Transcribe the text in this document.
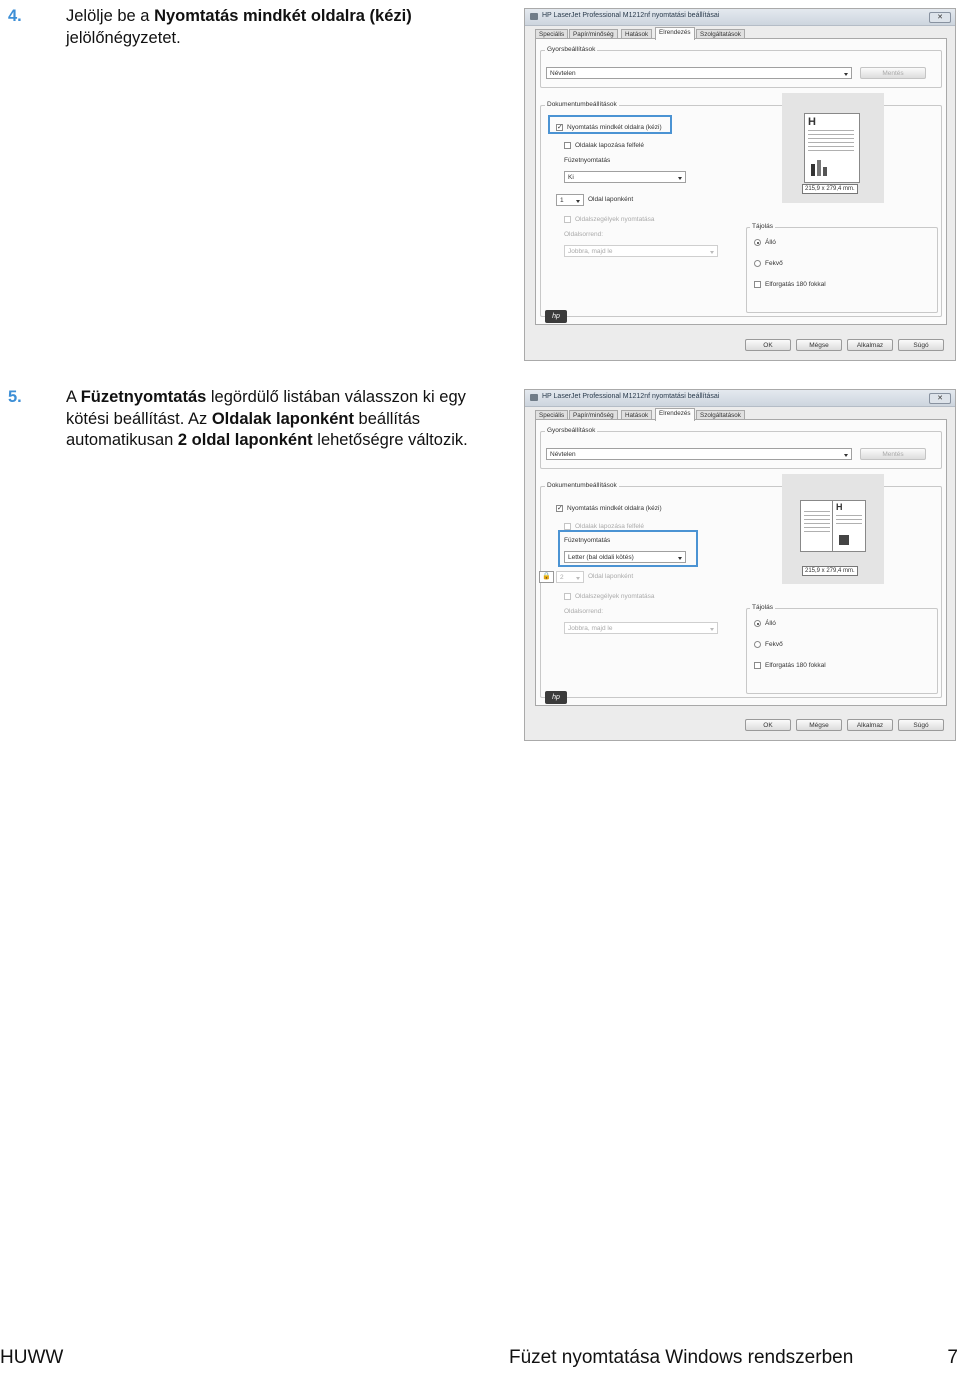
4.	Jelölje be a Nyomtatás mindkét oldalra (kézi) jelölőnégyzetet.
5.	A Füzetnyomtatás legördülő listában válasszon ki egy kötési beállítást. Az Oldalak laponként beállítás automatikusan 2 oldal laponként lehetőségre változik.
HP LaserJet Professional M1212nf nyomtatási beállításai	✕
Speciális	Papír/minőség	Hatások	Elrendezés	Szolgáltatások
Gyorsbeállítások
Névtelen	Mentés
Dokumentumbeállítások
✓ Nyomtatás mindkét oldalra (kézi)
Oldalak lapozása felfelé
Füzetnyomtatás
Ki
1	Oldal laponként
Oldalszegélyek nyomtatása
Oldalsorrend:
Jobbra, majd le
H
215,9 x 279,4 mm.
Tájolás
Álló
Fekvő
Elforgatás 180 fokkal
hp
OK	Mégse	Alkalmaz	Súgó
HP LaserJet Professional M1212nf nyomtatási beállításai	✕
Speciális	Papír/minőség	Hatások	Elrendezés	Szolgáltatások
Gyorsbeállítások
Névtelen	Mentés
Dokumentumbeállítások
✓ Nyomtatás mindkét oldalra (kézi)
Oldalak lapozása felfelé
Füzetnyomtatás
Letter (bal oldali kötés)
🔒	2	Oldal laponként
Oldalszegélyek nyomtatása
Oldalsorrend:
Jobbra, majd le
H
215,9 x 279,4 mm.
Tájolás
Álló
Fekvő
Elforgatás 180 fokkal
hp
OK	Mégse	Alkalmaz	Súgó
HUWW	Füzet nyomtatása Windows rendszerben	7
